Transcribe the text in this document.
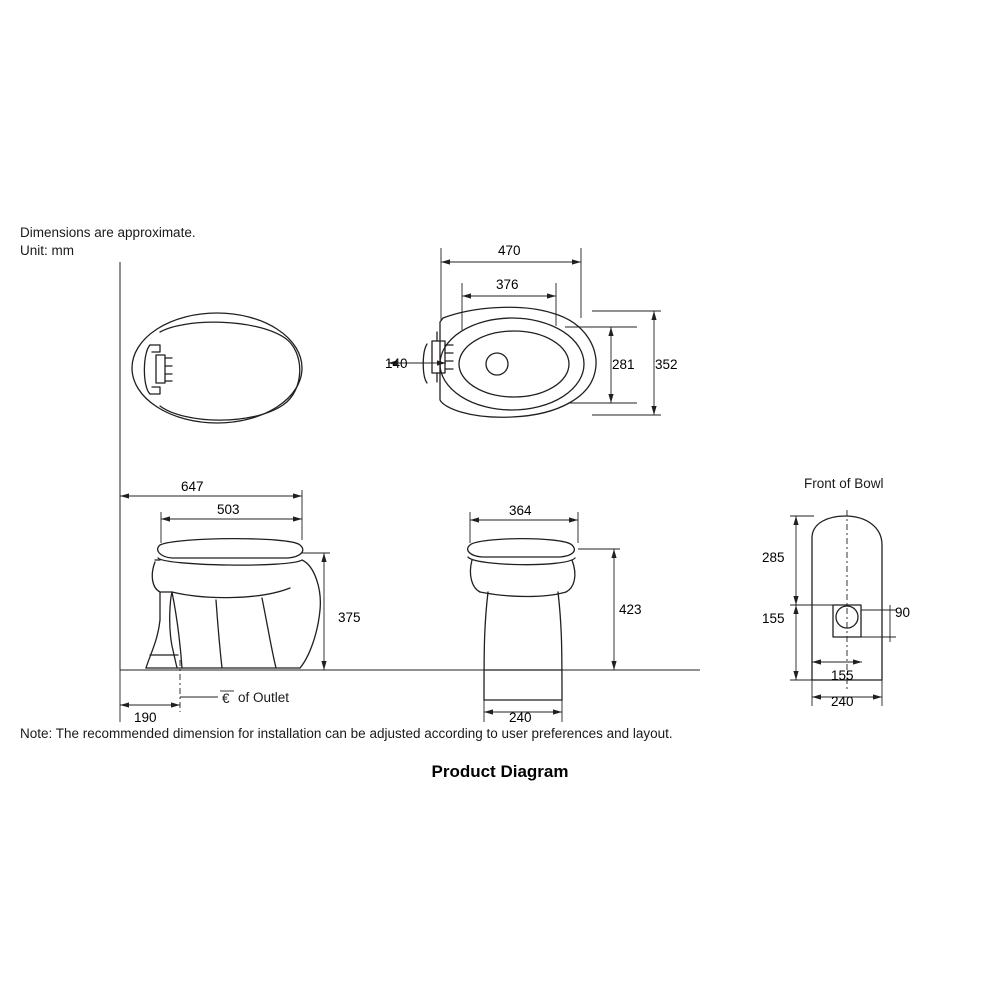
€
Dimensions are approximate.
Unit: mm
of Outlet
Front of Bowl
Note: The recommended dimension for installation can be adjusted according to user preferences and layout.
Product Diagram
470
376
140	281 352
647
503
375
190
364
423
240
285
155
155
240
90
